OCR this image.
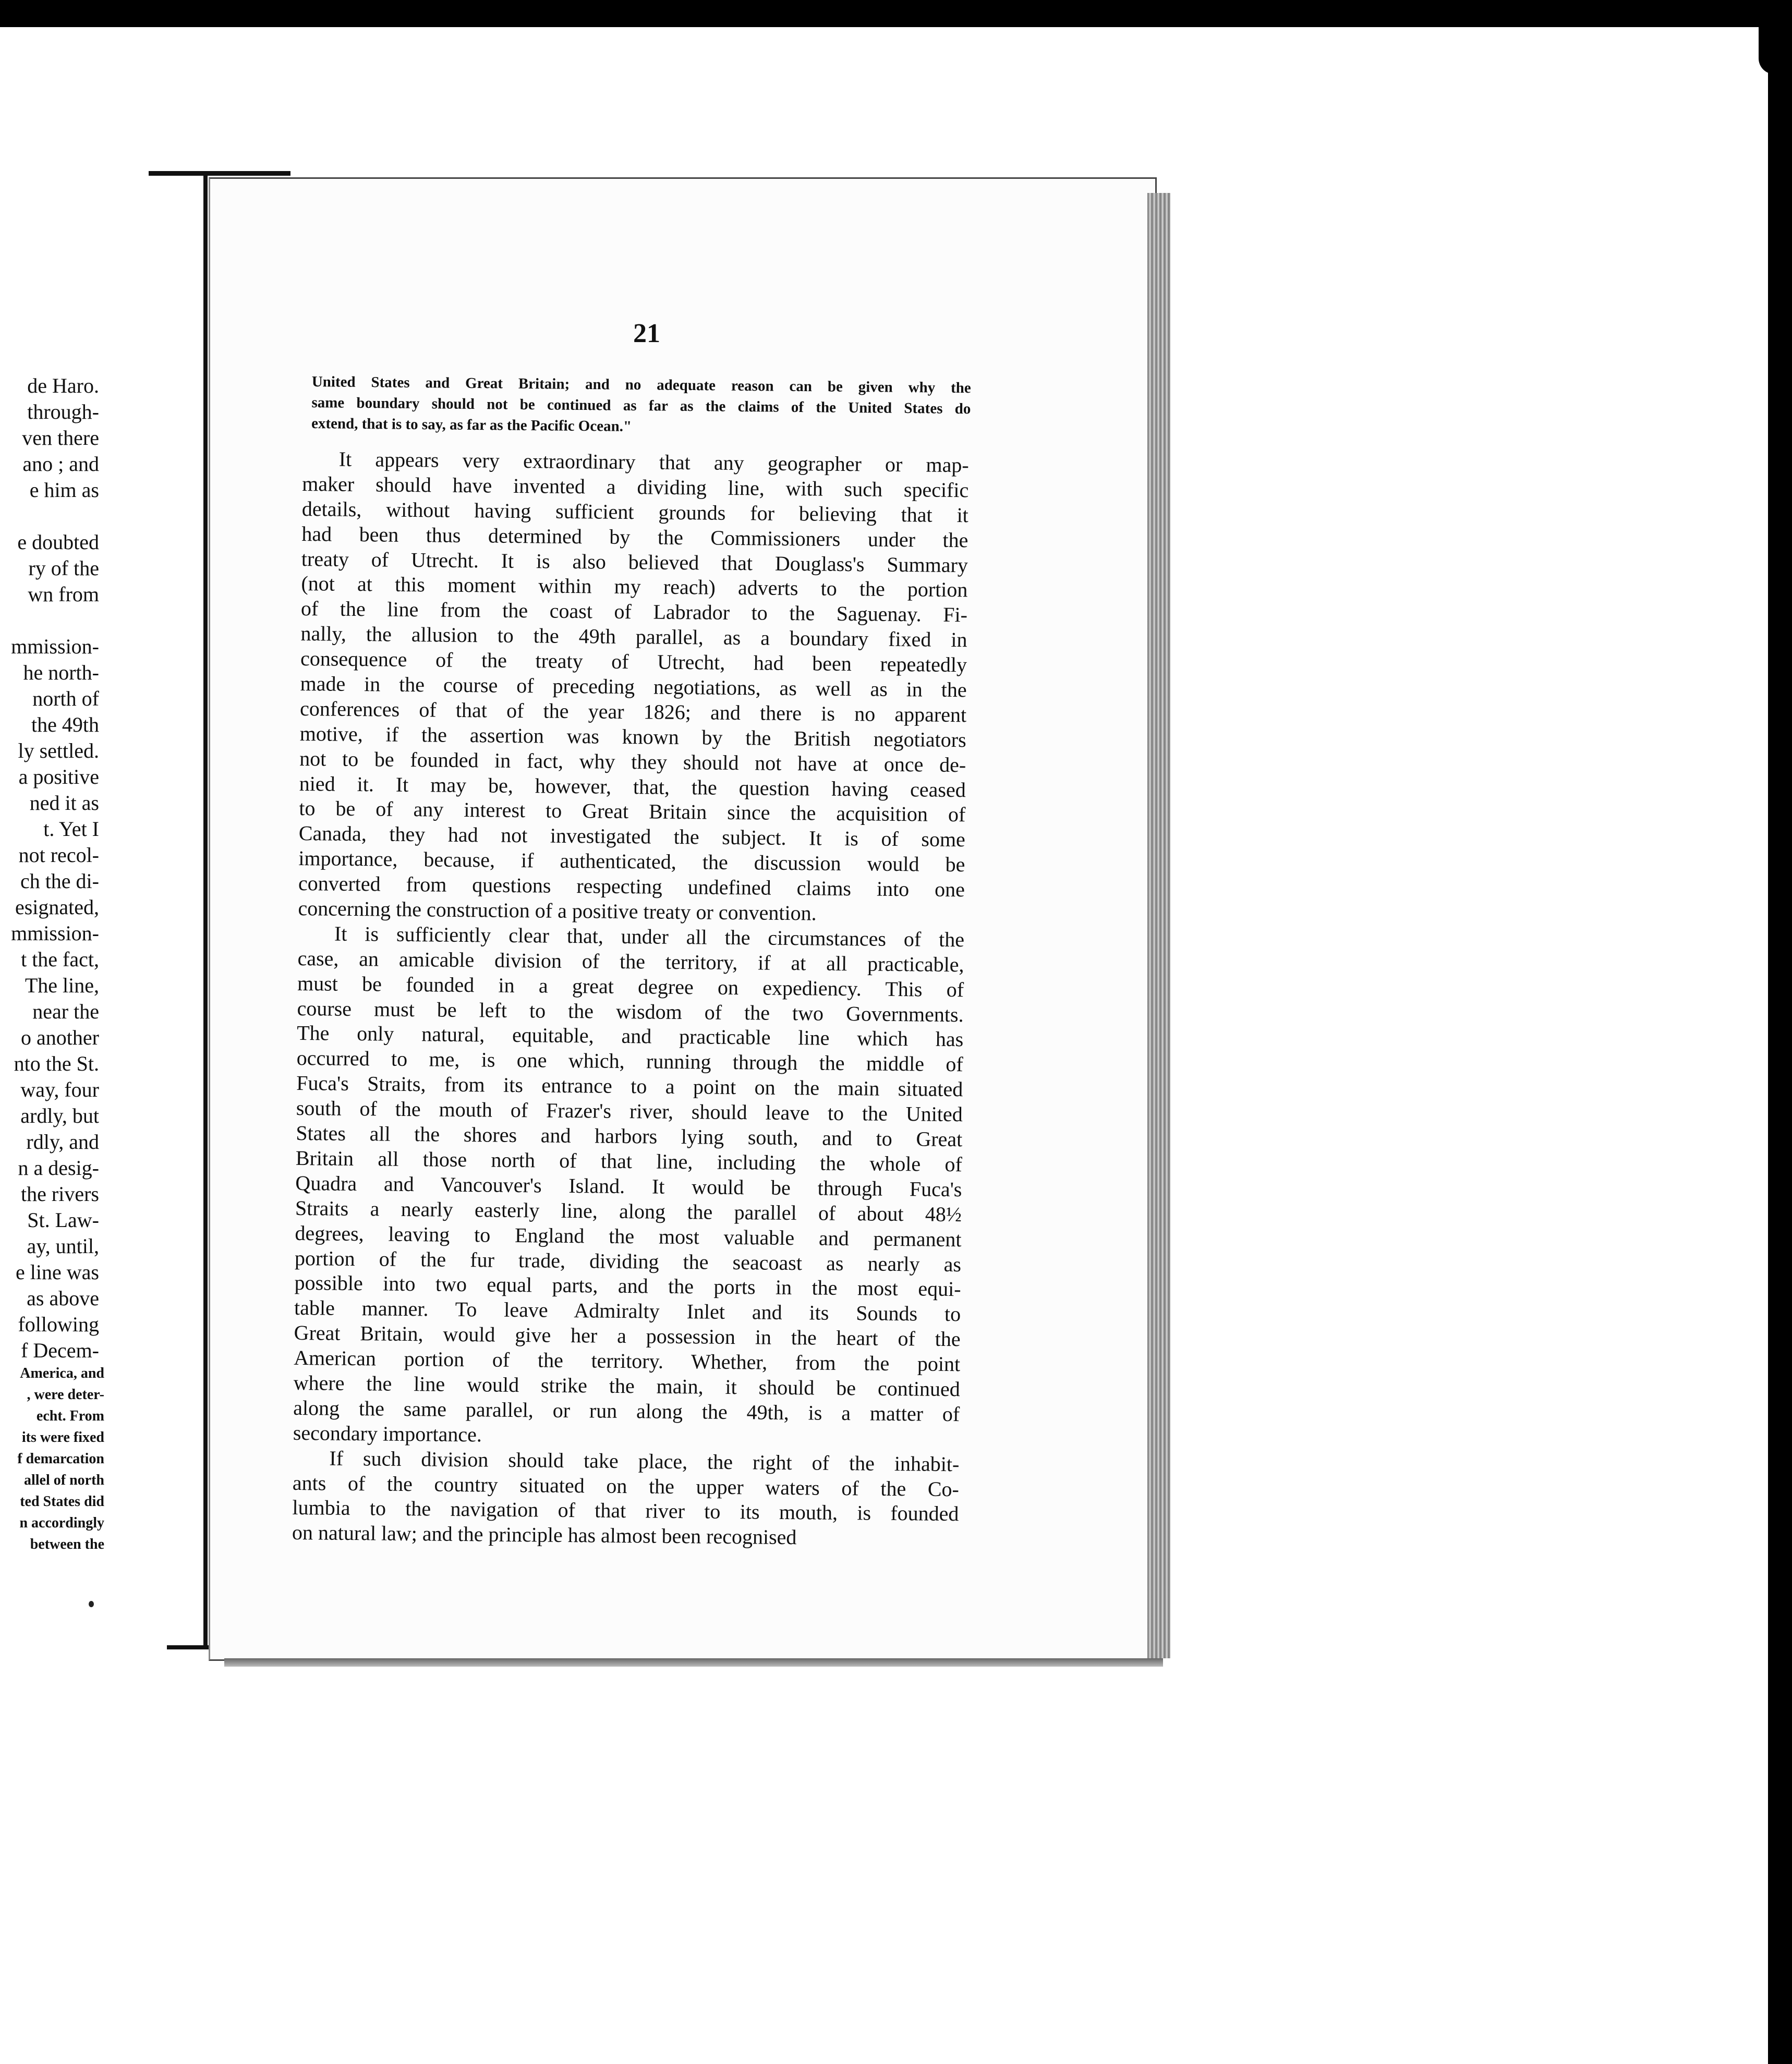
de Haro.
through-
ven there
ano ; and
e him as
e doubted
ry of the
wn from
mmission-
he north-
north of
the 49th
ly settled.
a positive
ned it as
t. Yet I
not recol-
ch the di-
esignated,
mmission-
t the fact,
The line,
near the
o another
nto the St.
way, four
ardly, but
rdly, and
n a desig-
the rivers
St. Law-
ay, until,
e line was
as above
following
f Decem-
America, and
, were deter-
echt. From
its were fixed
f demarcation
allel of north
ted States did
n accordingly
between the
21
United States and Great Britain; and no adequate reason can be given why the
same boundary should not be continued as far as the claims of the United States do
extend, that is to say, as far as the Pacific Ocean."
It appears very extraordinary that any geographer or map-
maker should have invented a dividing line, with such specific
details, without having sufficient grounds for believing that it
had been thus determined by the Commissioners under the
treaty of Utrecht. It is also believed that Douglass's Summary
(not at this moment within my reach) adverts to the portion
of the line from the coast of Labrador to the Saguenay. Fi-
nally, the allusion to the 49th parallel, as a boundary fixed in
consequence of the treaty of Utrecht, had been repeatedly
made in the course of preceding negotiations, as well as in the
conferences of that of the year 1826; and there is no apparent
motive, if the assertion was known by the British negotiators
not to be founded in fact, why they should not have at once de-
nied it. It may be, however, that, the question having ceased
to be of any interest to Great Britain since the acquisition of
Canada, they had not investigated the subject. It is of some
importance, because, if authenticated, the discussion would be
converted from questions respecting undefined claims into one
concerning the construction of a positive treaty or convention.
It is sufficiently clear that, under all the circumstances of the
case, an amicable division of the territory, if at all practicable,
must be founded in a great degree on expediency. This of
course must be left to the wisdom of the two Governments.
The only natural, equitable, and practicable line which has
occurred to me, is one which, running through the middle of
Fuca's Straits, from its entrance to a point on the main situated
south of the mouth of Frazer's river, should leave to the United
States all the shores and harbors lying south, and to Great
Britain all those north of that line, including the whole of
Quadra and Vancouver's Island. It would be through Fuca's
Straits a nearly easterly line, along the parallel of about 48½
degrees, leaving to England the most valuable and permanent
portion of the fur trade, dividing the seacoast as nearly as
possible into two equal parts, and the ports in the most equi-
table manner. To leave Admiralty Inlet and its Sounds to
Great Britain, would give her a possession in the heart of the
American portion of the territory. Whether, from the point
where the line would strike the main, it should be continued
along the same parallel, or run along the 49th, is a matter of
secondary importance.
If such division should take place, the right of the inhabit-
ants of the country situated on the upper waters of the Co-
lumbia to the navigation of that river to its mouth, is founded
on natural law; and the principle has almost been recognised
